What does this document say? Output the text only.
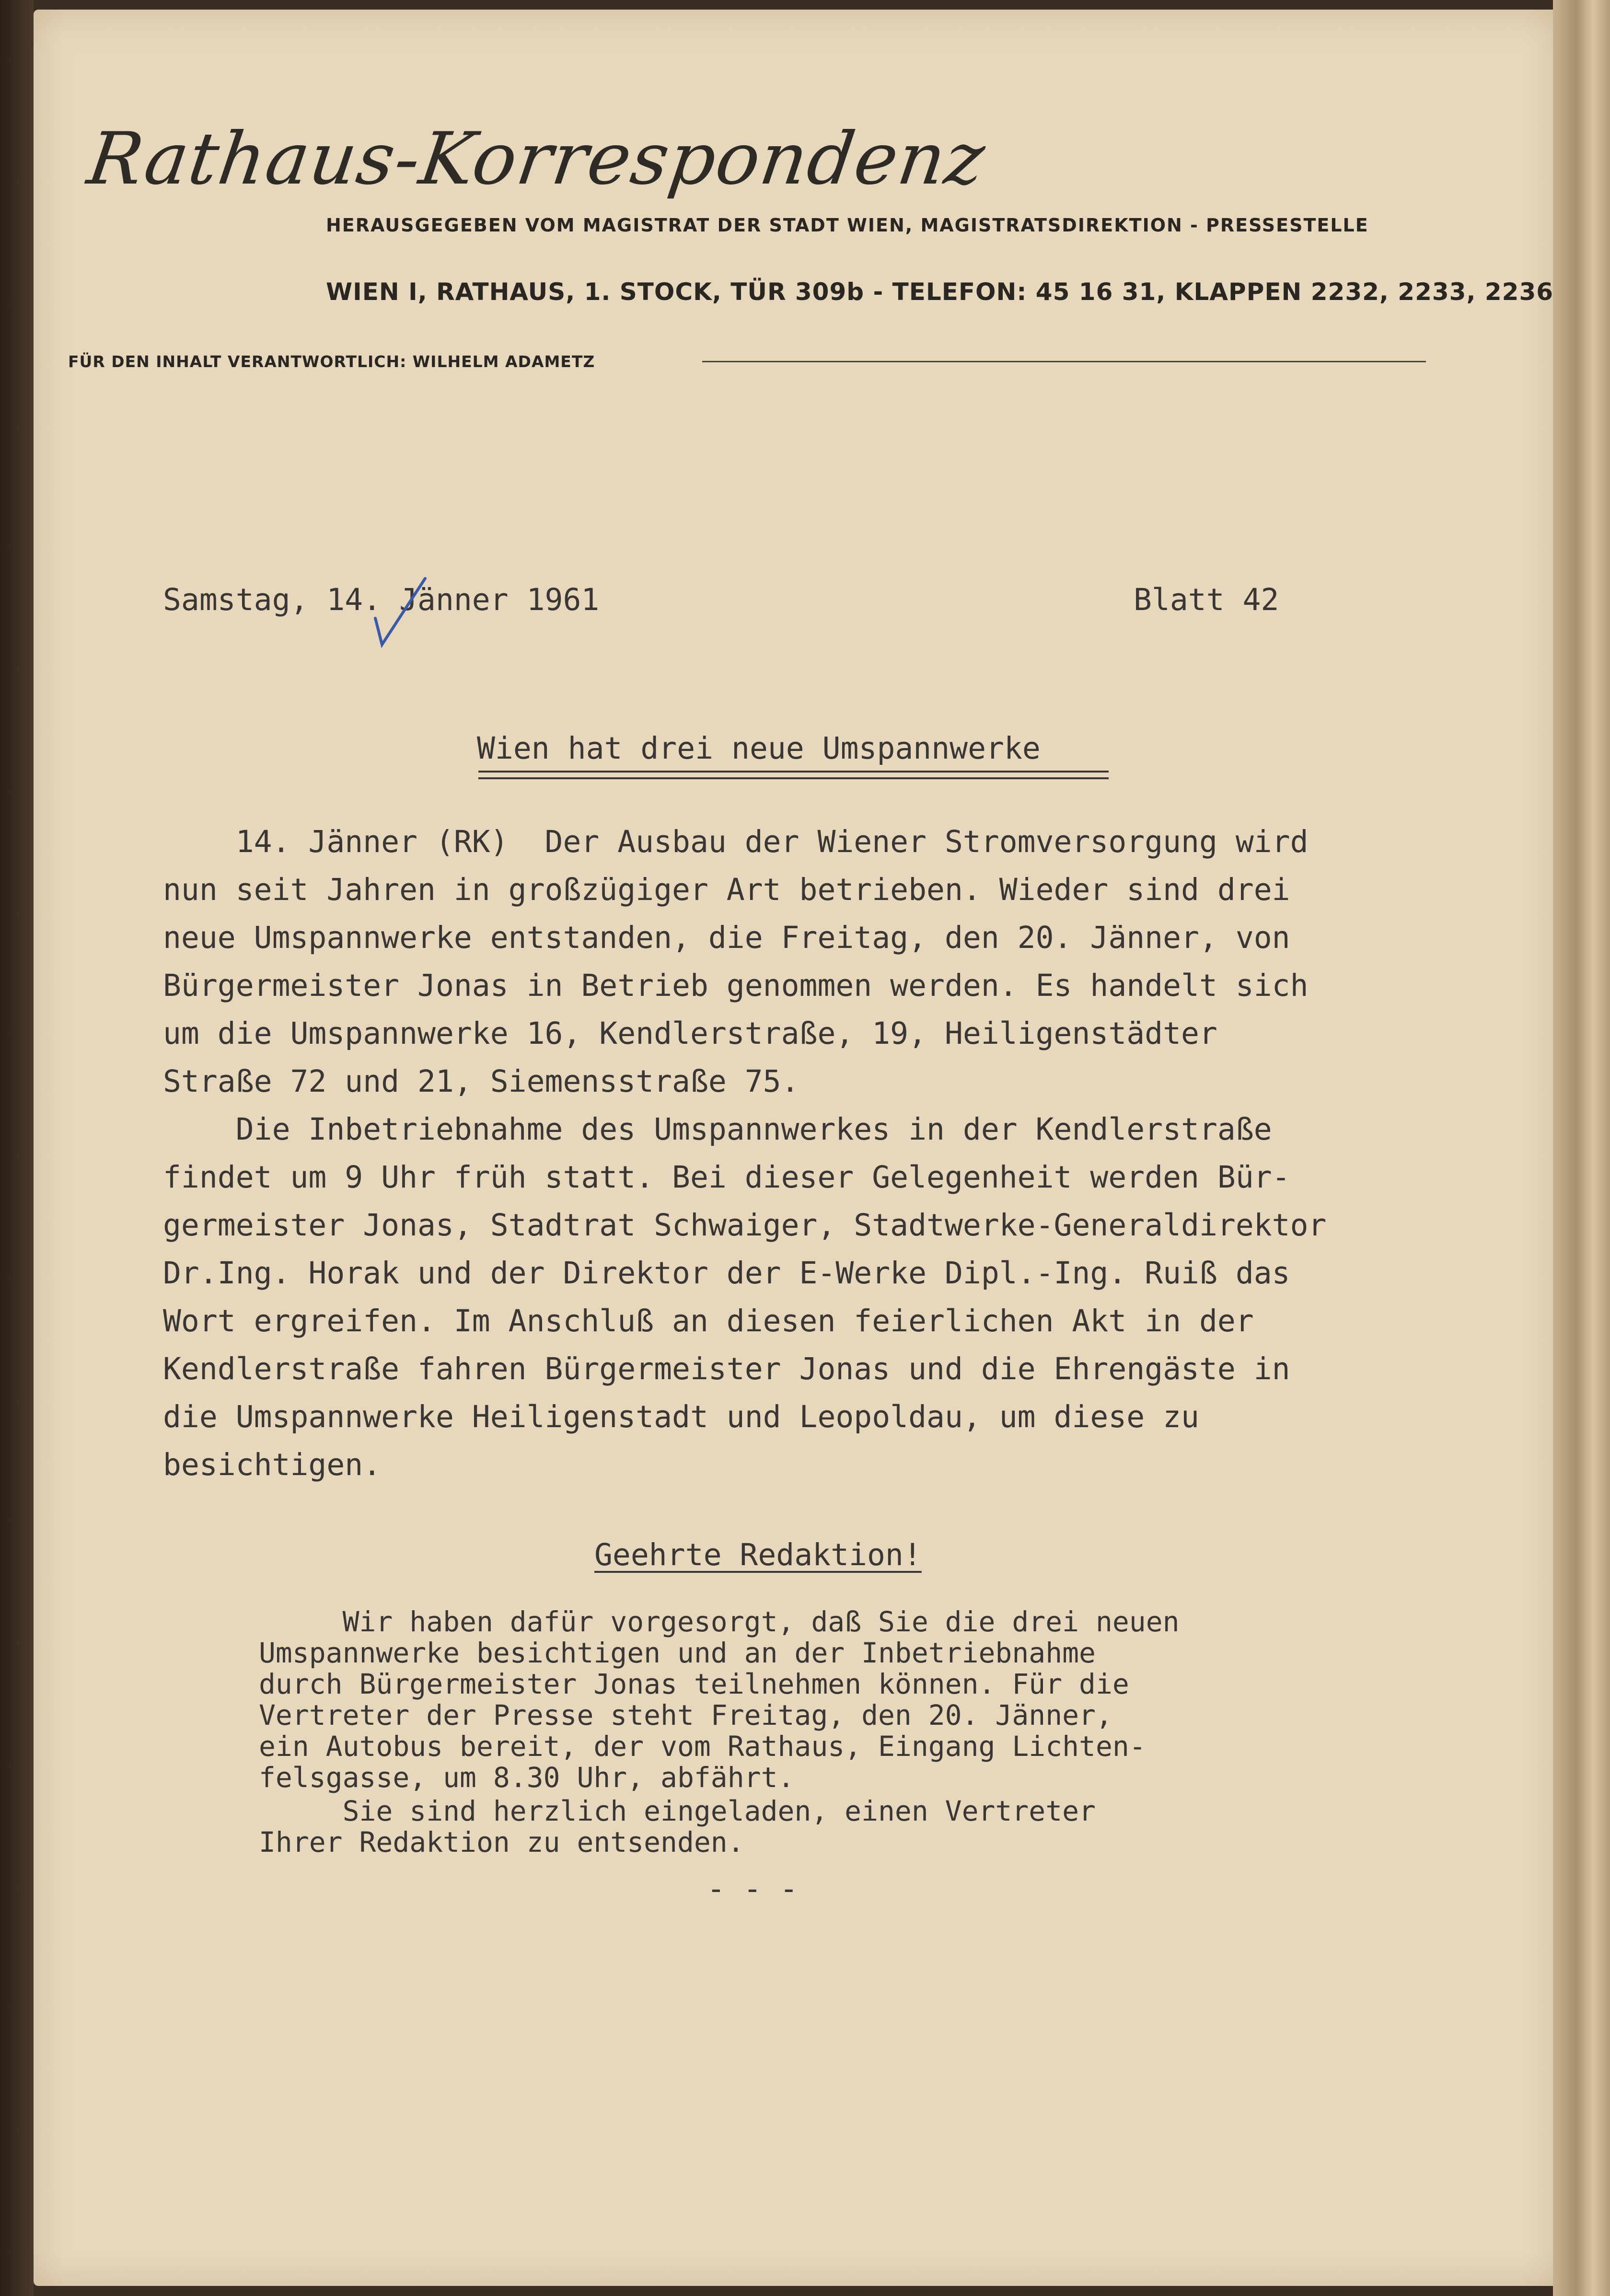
Rathaus-Korrespondenz
HERAUSGEGEBEN VOM MAGISTRAT DER STADT WIEN, MAGISTRATSDIREKTION - PRESSESTELLE
WIEN I, RATHAUS, 1. STOCK, TÜR 309b - TELEFON: 45 16 31, KLAPPEN 2232, 2233, 2236
FÜR DEN INHALT VERANTWORTLICH: WILHELM ADAMETZ
Samstag, 14. Jänner 1961	Blatt 42
Wien hat drei neue Umspannwerke
14. Jänner (RK)  Der Ausbau der Wiener Stromversorgung wird
nun seit Jahren in großzügiger Art betrieben. Wieder sind drei
neue Umspannwerke entstanden, die Freitag, den 20. Jänner, von
Bürgermeister Jonas in Betrieb genommen werden. Es handelt sich
um die Umspannwerke 16, Kendlerstraße, 19, Heiligenstädter
Straße 72 und 21, Siemensstraße 75.
Die Inbetriebnahme des Umspannwerkes in der Kendlerstraße
findet um 9 Uhr früh statt. Bei dieser Gelegenheit werden Bür-
germeister Jonas, Stadtrat Schwaiger, Stadtwerke-Generaldirektor
Dr.Ing. Horak und der Direktor der E-Werke Dipl.-Ing. Ruiß das
Wort ergreifen. Im Anschluß an diesen feierlichen Akt in der
Kendlerstraße fahren Bürgermeister Jonas und die Ehrengäste in
die Umspannwerke Heiligenstadt und Leopoldau, um diese zu
besichtigen.
Geehrte Redaktion!
Wir haben dafür vorgesorgt, daß Sie die drei neuen
Umspannwerke besichtigen und an der Inbetriebnahme
durch Bürgermeister Jonas teilnehmen können. Für die
Vertreter der Presse steht Freitag, den 20. Jänner,
ein Autobus bereit, der vom Rathaus, Eingang Lichten-
felsgasse, um 8.30 Uhr, abfährt.
Sie sind herzlich eingeladen, einen Vertreter
Ihrer Redaktion zu entsenden.
- - -
